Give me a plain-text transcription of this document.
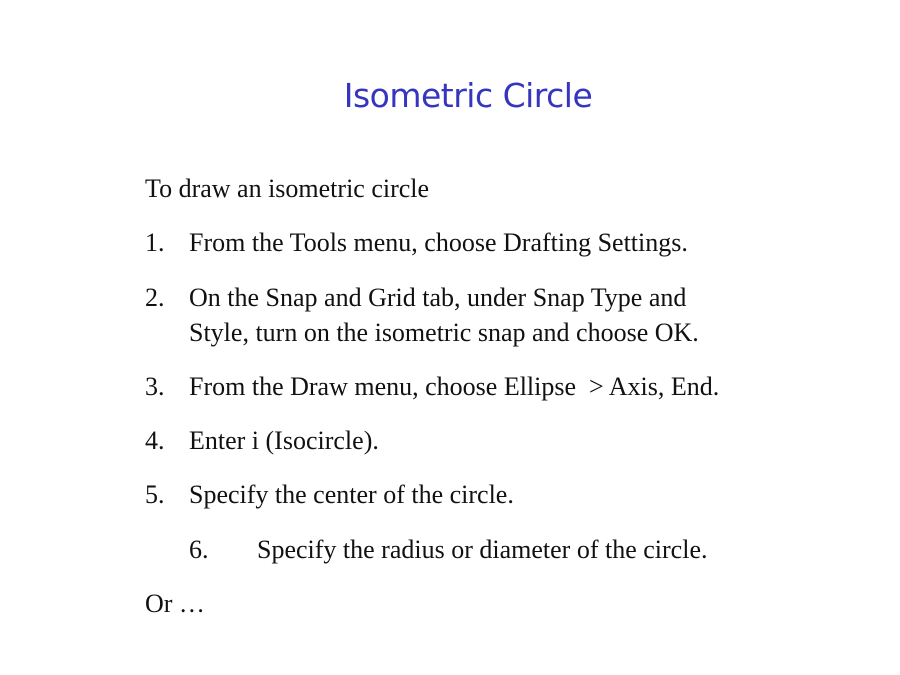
Isometric Circle
To draw an isometric circle
1. From the Tools menu, choose Drafting Settings.
2. On the Snap and Grid tab, under Snap Type and
Style, turn on the isometric snap and choose OK.
3. From the Draw menu, choose Ellipse  > Axis, End.
4. Enter i (Isocircle).
5. Specify the center of the circle.
6. Specify the radius or diameter of the circle.
Or …
